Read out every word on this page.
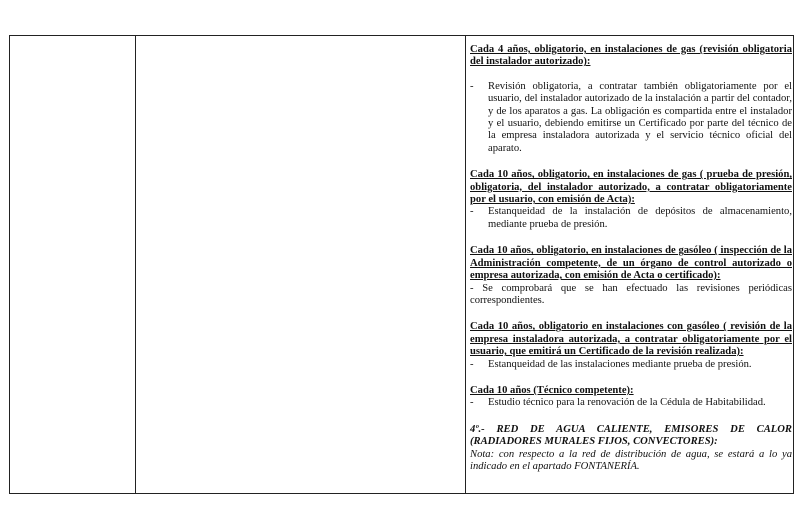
Cada 4 años, obligatorio, en instalaciones de gas (revisión obligatoria del instalador autorizado):

-	Revisión obligatoria, a contratar también obligatoriamente por el usuario, del instalador autorizado de la instalación a partir del contador, y de los aparatos a gas. La obligación es compartida entre el instalador y el usuario, debiendo emitirse un Certificado por parte del técnico de la empresa instaladora autorizada y el servicio técnico oficial del aparato.

Cada 10 años, obligatorio, en instalaciones de gas ( prueba de presión, obligatoria, del instalador autorizado, a contratar obligatoriamente por el usuario, con emisión de Acta):

-	Estanqueidad de la instalación de depósitos de almacenamiento, mediante prueba de presión.

Cada 10 años, obligatorio, en instalaciones de gasóleo ( inspección de la Administración competente, de un órgano de control autorizado o empresa autorizada, con emisión de Acta o certificado):

- Se comprobará que se han efectuado las revisiones periódicas correspondientes.

Cada 10 años, obligatorio en instalaciones con gasóleo ( revisión de la empresa instaladora autorizada, a contratar obligatoriamente por el usuario, que emitirá un Certificado de la revisión realizada):

-	Estanqueidad de las instalaciones mediante prueba de presión.

Cada 10 años (Técnico competente):

-	Estudio técnico para la renovación de la Cédula de Habitabilidad.

4º.- RED DE AGUA CALIENTE, EMISORES DE CALOR (RADIADORES MURALES FIJOS, CONVECTORES):

Nota: con respecto a la red de distribución de agua, se estará a lo ya indicado en el apartado FONTANERÍA.
